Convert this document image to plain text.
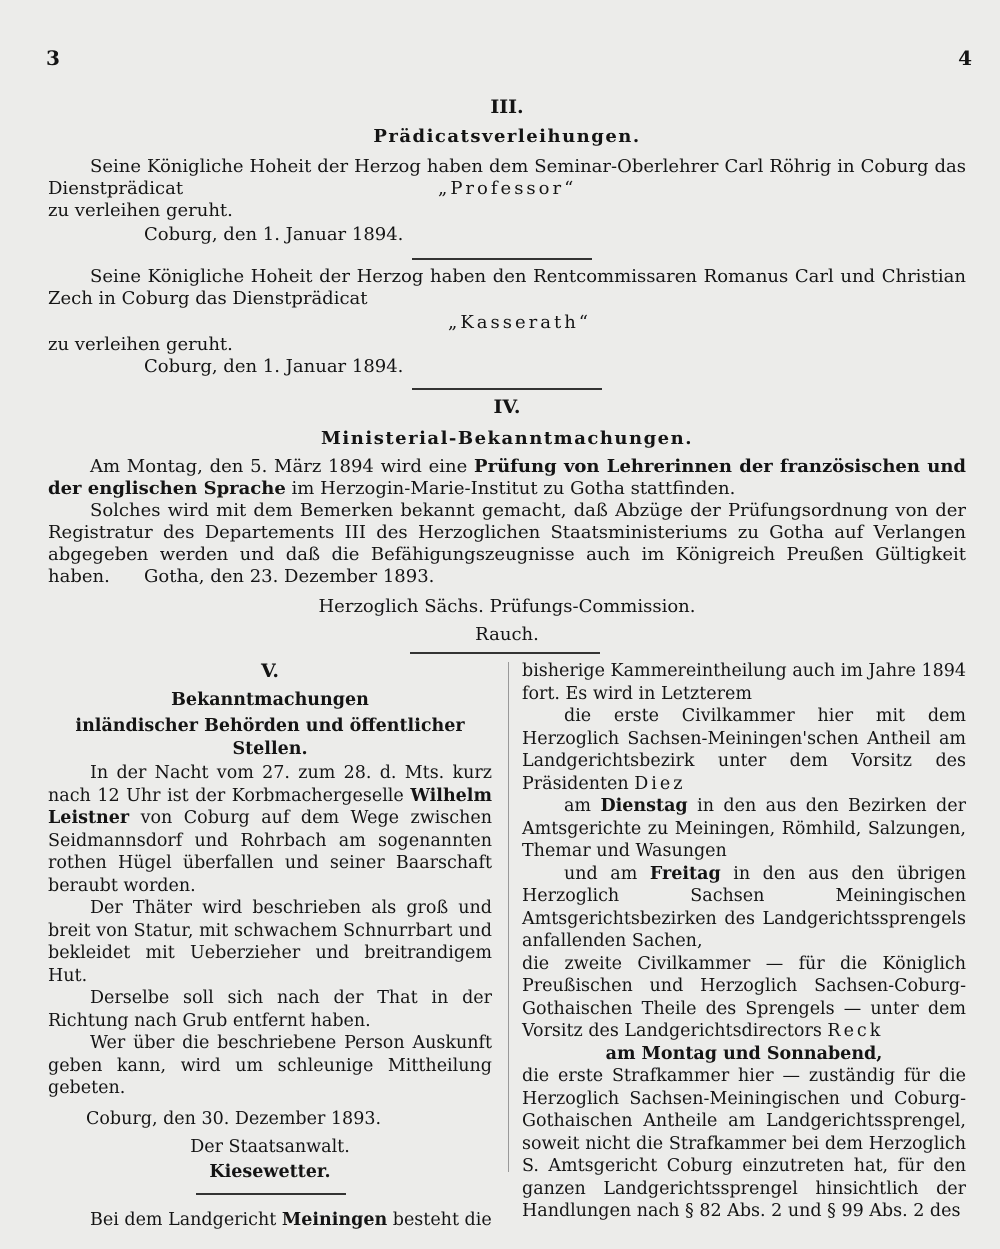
3	4
III.
Prädicatsverleihungen.
Seine Königliche Hoheit der Herzog haben dem Seminar-Oberlehrer Carl Röhrig in Coburg das Dienstprädicat	„Professor“
zu verleihen geruht.
Coburg, den 1. Januar 1894.
Seine Königliche Hoheit der Herzog haben den Rentcommissaren Romanus Carl und Christian Zech in Coburg das Dienstprädicat
„Kasserath“
zu verleihen geruht.
Coburg, den 1. Januar 1894.
IV.
Ministerial-Bekanntmachungen.
Am Montag, den 5. März 1894 wird eine Prüfung von Lehrerinnen der französischen und der englischen Sprache im Herzogin-Marie-Institut zu Gotha stattfinden.
Solches wird mit dem Bemerken bekannt gemacht, daß Abzüge der Prüfungsordnung von der Registratur des Departements III des Herzoglichen Staatsministeriums zu Gotha auf Verlangen abgegeben werden und daß die Befähigungszeugnisse auch im Königreich Preußen Gültigkeit haben.	Gotha, den 23. Dezember 1893.
Herzoglich Sächs. Prüfungs-Commission.
Rauch.
V.
Bekanntmachungen
inländischer Behörden und öffentlicher Stellen.
In der Nacht vom 27. zum 28. d. Mts. kurz nach 12 Uhr ist der Korbmachergeselle Wilhelm Leistner von Coburg auf dem Wege zwischen Seidmannsdorf und Rohrbach am sogenannten rothen Hügel überfallen und seiner Baarschaft beraubt worden.
Der Thäter wird beschrieben als groß und breit von Statur, mit schwachem Schnurrbart und bekleidet mit Ueberzieher und breitrandigem Hut.
Derselbe soll sich nach der That in der Richtung nach Grub entfernt haben.
Wer über die beschriebene Person Auskunft geben kann, wird um schleunige Mittheilung gebeten.
Coburg, den 30. Dezember 1893.
Der Staatsanwalt.
Kiesewetter.
Bei dem Landgericht Meiningen besteht die
bisherige Kammereintheilung auch im Jahre 1894 fort. Es wird in Letzterem
die erste Civilkammer hier mit dem Herzoglich Sachsen-Meiningen'schen Antheil am Landgerichtsbezirk unter dem Vorsitz des Präsidenten Diez
am Dienstag in den aus den Bezirken der Amtsgerichte zu Meiningen, Römhild, Salzungen, Themar und Wasungen
und am Freitag in den aus den übrigen Herzoglich Sachsen Meiningischen Amtsgerichtsbezirken des Landgerichtssprengels anfallenden Sachen,
die zweite Civilkammer — für die Königlich Preußischen und Herzoglich Sachsen-Coburg-Gothaischen Theile des Sprengels — unter dem Vorsitz des Landgerichtsdirectors Reck
am Montag und Sonnabend,
die erste Strafkammer hier — zuständig für die Herzoglich Sachsen-Meiningischen und Coburg-Gothaischen Antheile am Landgerichtssprengel, soweit nicht die Strafkammer bei dem Herzoglich S. Amtsgericht Coburg einzutreten hat, für den ganzen Landgerichtssprengel hinsichtlich der Handlungen nach § 82 Abs. 2 und § 99 Abs. 2 des
